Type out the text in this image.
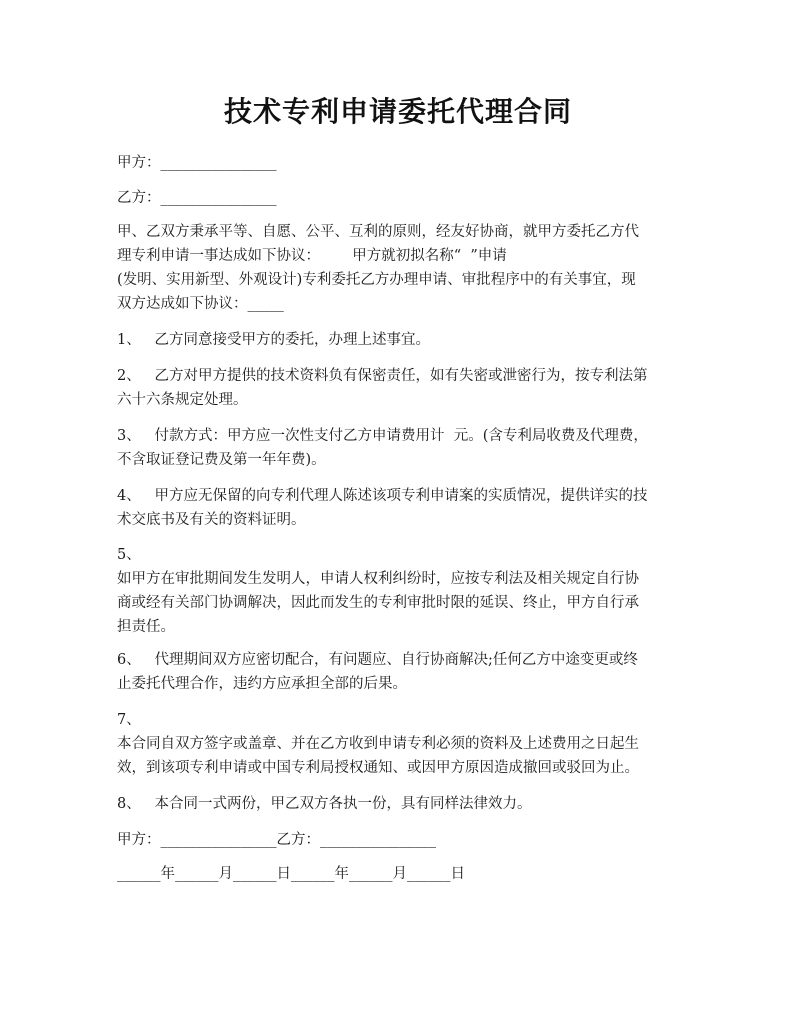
技术专利申请委托代理合同
甲方：________________
乙方：________________
甲、乙双方秉承平等、自愿、公平、互利的原则，经友好协商，就甲方委托乙方代
理专利申请一事达成如下协议：       甲方就初拟名称“  ”申请
(发明、实用新型、外观设计)专利委托乙方办理申请、审批程序中的有关事宜，现
双方达成如下协议：_____
1、   乙方同意接受甲方的委托，办理上述事宜。
2、   乙方对甲方提供的技术资料负有保密责任，如有失密或泄密行为，按专利法第
六十六条规定处理。
3、   付款方式：甲方应一次性支付乙方申请费用计  元。(含专利局收费及代理费，
不含取证登记费及第一年年费)。
4、   甲方应无保留的向专利代理人陈述该项专利申请案的实质情况，提供详实的技
术交底书及有关的资料证明。
5、
如甲方在审批期间发生发明人，申请人权利纠纷时，应按专利法及相关规定自行协
商或经有关部门协调解决，因此而发生的专利审批时限的延误、终止，甲方自行承
担责任。
6、   代理期间双方应密切配合，有问题应、自行协商解决;任何乙方中途变更或终
止委托代理合作，违约方应承担全部的后果。
7、
本合同自双方签字或盖章、并在乙方收到申请专利必须的资料及上述费用之日起生
效，到该项专利申请或中国专利局授权通知、或因甲方原因造成撤回或驳回为止。
8、   本合同一式两份，甲乙双方各执一份，具有同样法律效力。
甲方：________________乙方：________________
______年______月______日______年______月______日
